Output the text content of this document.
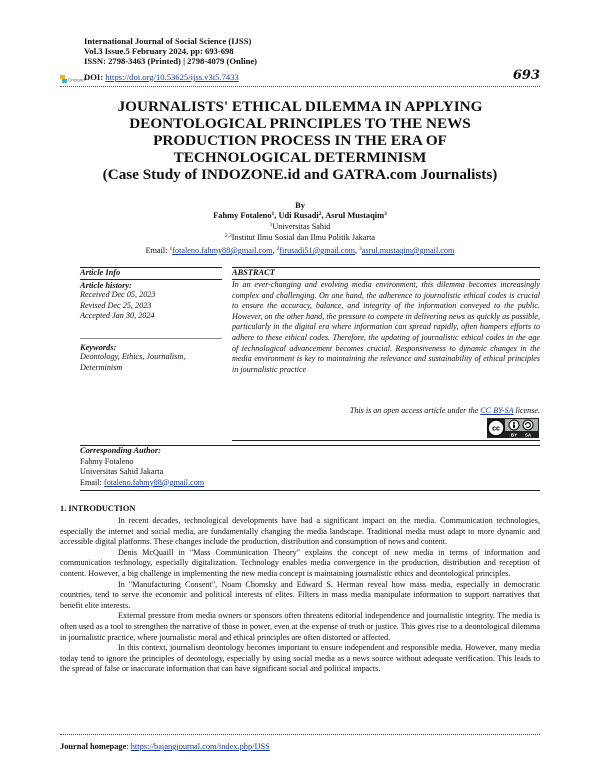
International Journal of Social Science (IJSS)
Vol.3 Issue.5 February 2024, pp: 693-698
ISSN: 2798-3463 (Printed) | 2798-4079 (Online)
Crossref
DOI: https://doi.org/10.53625/ijss.v3i5.7433	693
JOURNALISTS' ETHICAL DILEMMA IN APPLYING
DEONTOLOGICAL PRINCIPLES TO THE NEWS
PRODUCTION PROCESS IN THE ERA OF
TECHNOLOGICAL DETERMINISM
(Case Study of INDOZONE.id and GATRA.com Journalists)
By
Fahmy Fotaleno$^1$, Udi Rusadi$^2$, Asrul Mustaqim$^3$
$^1$Universitas Sahid
$^{2,3}$Institut Ilmu Sosial dan Ilmu Politik Jakarta
Email: $^1$fotaleno.fahmy88@gmail.com, $^2$firusadi51@gmail.com, $^3$asrul.mustaqim@gmail.com
Article Info	ABSTRACT
Article history:
Received Dec 05, 2023
Revised Dec 25, 2023
Accepted Jan 30, 2024
Keywords:
Deontology, Ethics, Journalism,
Determinism
In an ever-changing and evolving media environment, this dilemma becomes increasingly complex and challenging. On one hand, the adherence to journalistic ethical codes is crucial to ensure the accuracy, balance, and integrity of the information conveyed to the public. However, on the other hand, the pressure to compete in delivering news as quickly as possible, particularly in the digital era where information can spread rapidly, often hampers efforts to adhere to these ethical codes. Therefore, the updating of journalistic ethical codes in the age of technological advancement becomes crucial. Responsiveness to dynamic changes in the media environment is key to maintaining the relevance and sustainability of ethical principles in journalistic practice
This is an open access article under the CC BY-SA license.
cc
BY SA
Corresponding Author:
Fahmy Fotaleno
Universitas Sahid Jakarta
Email: fotaleno.fahmy88@gmail.com
1. INTRODUCTION

In recent decades, technological developments have had a significant impact on the media. Communication technologies, especially the internet and social media, are fundamentally changing the media landscape. Traditional media must adapt to more dynamic and accessible digital platforms. These changes include the production, distribution and consumption of news and content.

Denis McQuaill in "Mass Communication Theory" explains the concept of new media in terms of information and communication technology, especially digitalization. Technology enables media convergence in the production, distribution and reception of content. However, a big challenge in implementing the new media concept is maintaining journalistic ethics and deontological principles.

In "Manufacturing Consent", Noam Chomsky and Edward S. Herman reveal how mass media, especially in democratic countries, tend to serve the economic and political interests of elites. Filters in mass media manipulate information to support narratives that benefit elite interests.

External pressure from media owners or sponsors often threatens editorial independence and journalistic integrity. The media is often used as a tool to strengthen the narrative of those in power, even at the expense of truth or justice. This gives rise to a deontological dilemma in journalistic practice, where journalistic moral and ethical principles are often distorted or affected.

In this context, journalism deontology becomes important to ensure independent and responsible media. However, many media today tend to ignore the principles of deontology, especially by using social media as a news source without adequate verification. This leads to the spread of false or inaccurate information that can have significant social and political impacts.

Journal homepage: https://bajangjournal.com/index.php/IJSS
